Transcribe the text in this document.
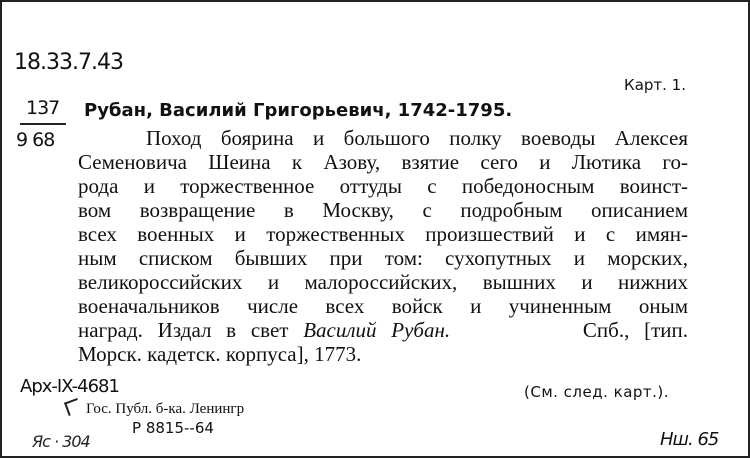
18.33.7.43
Карт. 1.
137
9 68
Рубан, Василий Григорьевич, 1742-1795.
Поход боярина и большого полку воеводы Алексея
Семеновича Шеина к Азову, взятие сего и Лютика го-
рода и торжественное оттуды с победоносным воинст-
вом возвращение в Москву, с подробным описанием
всех военных и торжественных произшествий и с имян-
ным списком бывших при том: сухопутных и морских,
великороссийских и малороссийских, вышних и нижних
военачальников числе всех войск и учиненным оным
наград. Издал в свет Василий Рубан.	Спб., [тип.
Морск. кадетск. корпуса], 1773.
(См. след. карт.).
Арх-IX-4681
Гос. Публ. б-ка. Ленингр
Р 8815--64
Яс · 304	Нш. 65
